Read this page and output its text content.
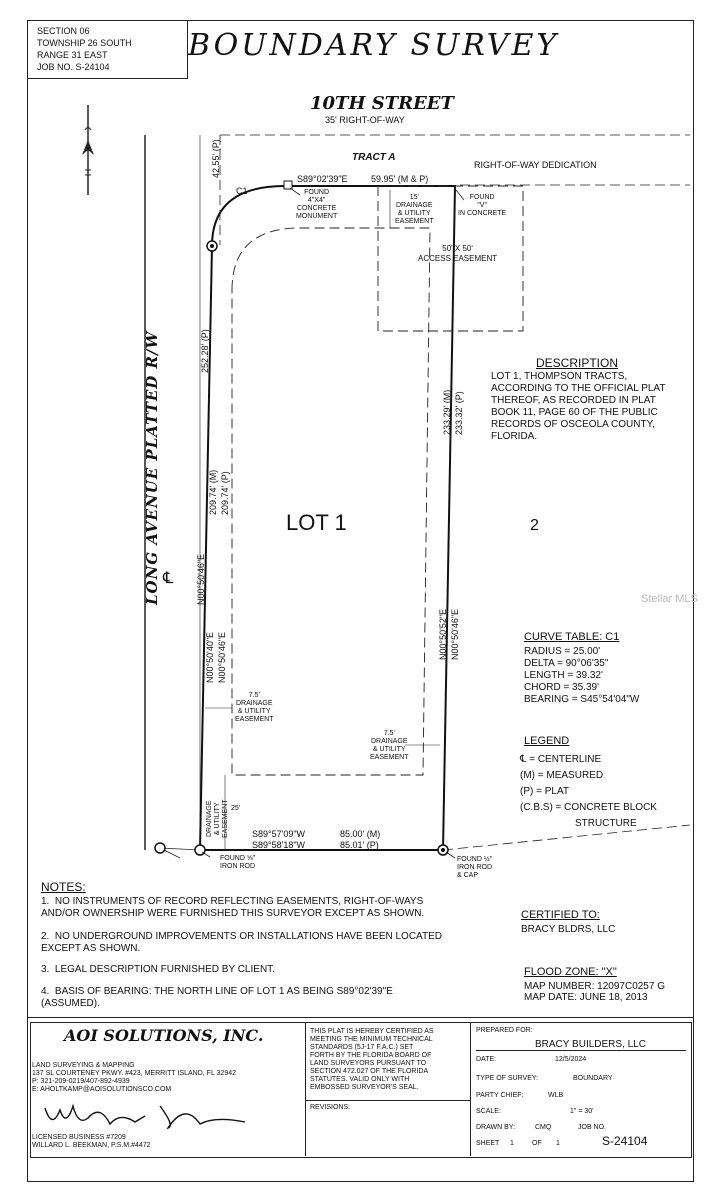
SECTION 06
TOWNSHIP 26 SOUTH
RANGE 31 EAST
JOB NO. S-24104
BOUNDARY SURVEY
10TH STREET
35' RIGHT-OF-WAY
TRACT A
RIGHT-OF-WAY DEDICATION
S89°02'39"E	59.95' (M & P)
FOUND
4"X4"
CONCRETE
MONUMENT
FOUND
"V"
IN CONCRETE
C1
42.55' (P)
15'
DRAINAGE
& UTILITY
EASEMENT
50' X 50'
ACCESS EASEMENT
252.28' (P)
209.74' (M) 209.74' (P)
N00°50'46"E
N00°50'40"E N00°50'46"E
233.29' (M) 233.32' (P)
N00°50'52"E N00°50'46"E
LONG AVENUE PLATTED R/W ℄
LOT 1	2
Stellar MLS
7.5'
DRAINAGE
& UTILITY
EASEMENT
7.5'
DRAINAGE
& UTILITY
EASEMENT
DRAINAGE
& UTILITY
EASEMENT 25'
S89°57'09"W	85.00' (M)
S89°58'18"W	85.01' (P)
FOUND ⅝"
IRON ROD
FOUND ½"
IRON ROD
& CAP
DESCRIPTION
LOT 1, THOMPSON TRACTS,
ACCORDING TO THE OFFICIAL PLAT
THEREOF, AS RECORDED IN PLAT
BOOK 11, PAGE 60 OF THE PUBLIC
RECORDS OF OSCEOLA COUNTY,
FLORIDA.
CURVE TABLE: C1
RADIUS = 25.00'
DELTA = 90°06'35"
LENGTH = 39.32'
CHORD = 35.39'
BEARING = S45°54'04"W
LEGEND
℄ = CENTERLINE
(M) = MEASURED
(P) = PLAT
(C.B.S) = CONCRETE BLOCK
STRUCTURE
NOTES:
1.  NO INSTRUMENTS OF RECORD REFLECTING EASEMENTS, RIGHT-OF-WAYS
AND/OR OWNERSHIP WERE FURNISHED THIS SURVEYOR EXCEPT AS SHOWN.
2.  NO UNDERGROUND IMPROVEMENTS OR INSTALLATIONS HAVE BEEN LOCATED
EXCEPT AS SHOWN.
3.  LEGAL DESCRIPTION FURNISHED BY CLIENT.
4.  BASIS OF BEARING: THE NORTH LINE OF LOT 1 AS BEING S89°02'39"E
(ASSUMED).
CERTIFIED TO:
BRACY BLDRS, LLC
FLOOD ZONE: "X"
MAP NUMBER: 12097C0257 G
MAP DATE: JUNE 18, 2013
AOI SOLUTIONS, INC.
LAND SURVEYING & MAPPING
137 SL COURTENEY PKWY. #423, MERRITT ISLAND, FL 32942
P: 321-209-0219/407-892-4939
E: AHOLTKAMP@AOISOLUTIONSCO.COM
LICENSED BUSINESS #7209
WILLARD L. BEEKMAN, P.S.M.#4472
THIS PLAT IS HEREBY CERTIFIED AS
MEETING THE MINIMUM TECHNICAL
STANDARDS (5J-17 F.A.C.) SET
FORTH BY THE FLORIDA BOARD OF
LAND SURVEYORS PURSUANT TO
SECTION 472.027 OF THE FLORIDA
STATUTES. VALID ONLY WITH
EMBOSSED SURVEYOR'S SEAL.
REVISIONS:
PREPARED FOR:
BRACY BUILDERS, LLC
DATE:	12/5/2024
TYPE OF SURVEY:	BOUNDARY
PARTY CHIEF:	WLB
SCALE:	1" = 30'
DRAWN BY:	CMQ	JOB NO.
SHEET 1	OF 1	S-24104
